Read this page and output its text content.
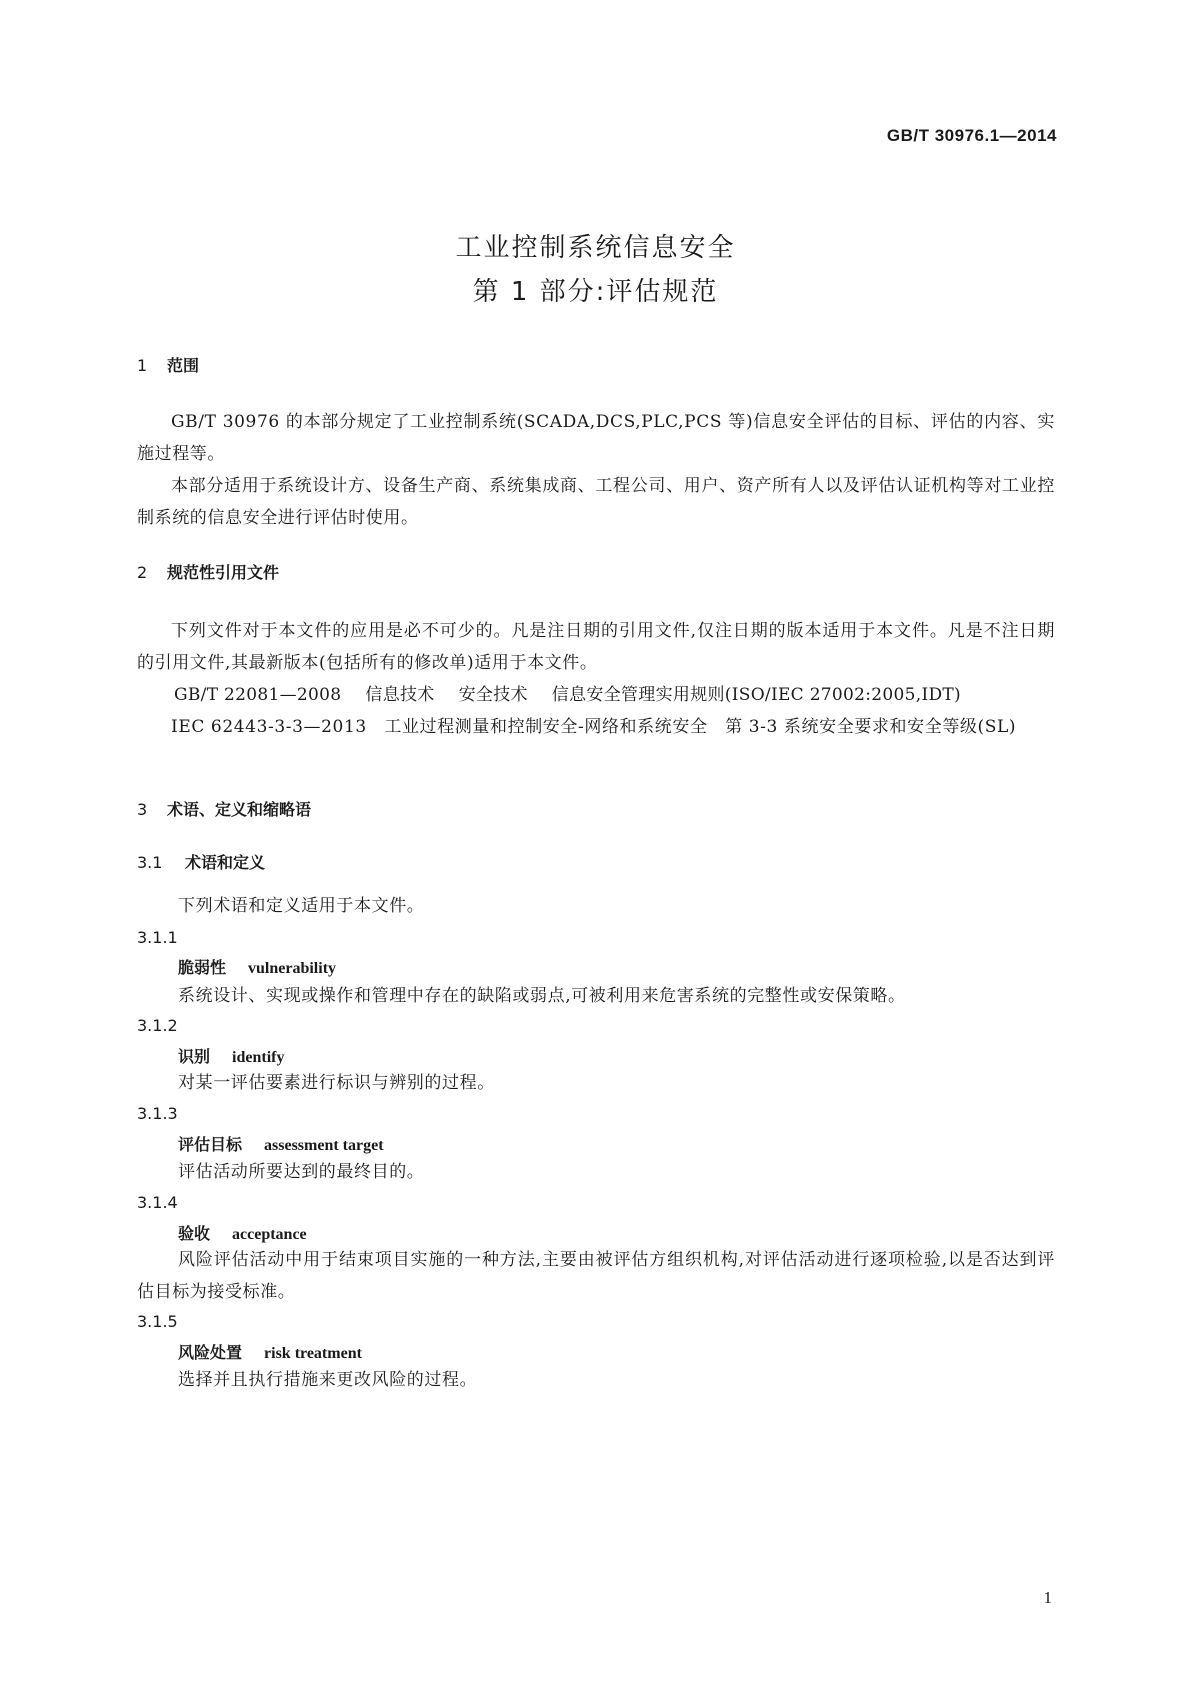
GB/T 30976.1—2014
工业控制系统信息安全
第 1 部分:评估规范
1 范围
GB/T 30976 的本部分规定了工业控制系统(SCADA,DCS,PLC,PCS 等)信息安全评估的目标、评估的内容、实施过程等。
本部分适用于系统设计方、设备生产商、系统集成商、工程公司、用户、资产所有人以及评估认证机构等对工业控制系统的信息安全进行评估时使用。
2 规范性引用文件
下列文件对于本文件的应用是必不可少的。凡是注日期的引用文件,仅注日期的版本适用于本文件。凡是不注日期的引用文件,其最新版本(包括所有的修改单)适用于本文件。
GB/T 22081—2008 信息技术 安全技术 信息安全管理实用规则(ISO/IEC 27002:2005,IDT)
IEC 62443-3-3—2013　工业过程测量和控制安全-网络和系统安全　第 3-3 系统安全要求和安全等级(SL)
3 术语、定义和缩略语
3.1 术语和定义
下列术语和定义适用于本文件。
3.1.1
脆弱性 vulnerability
系统设计、实现或操作和管理中存在的缺陷或弱点,可被利用来危害系统的完整性或安保策略。
3.1.2
识别 identify
对某一评估要素进行标识与辨别的过程。
3.1.3
评估目标 assessment target
评估活动所要达到的最终目的。
3.1.4
验收 acceptance
风险评估活动中用于结束项目实施的一种方法,主要由被评估方组织机构,对评估活动进行逐项检验,以是否达到评估目标为接受标准。
3.1.5
风险处置 risk treatment
选择并且执行措施来更改风险的过程。
1
